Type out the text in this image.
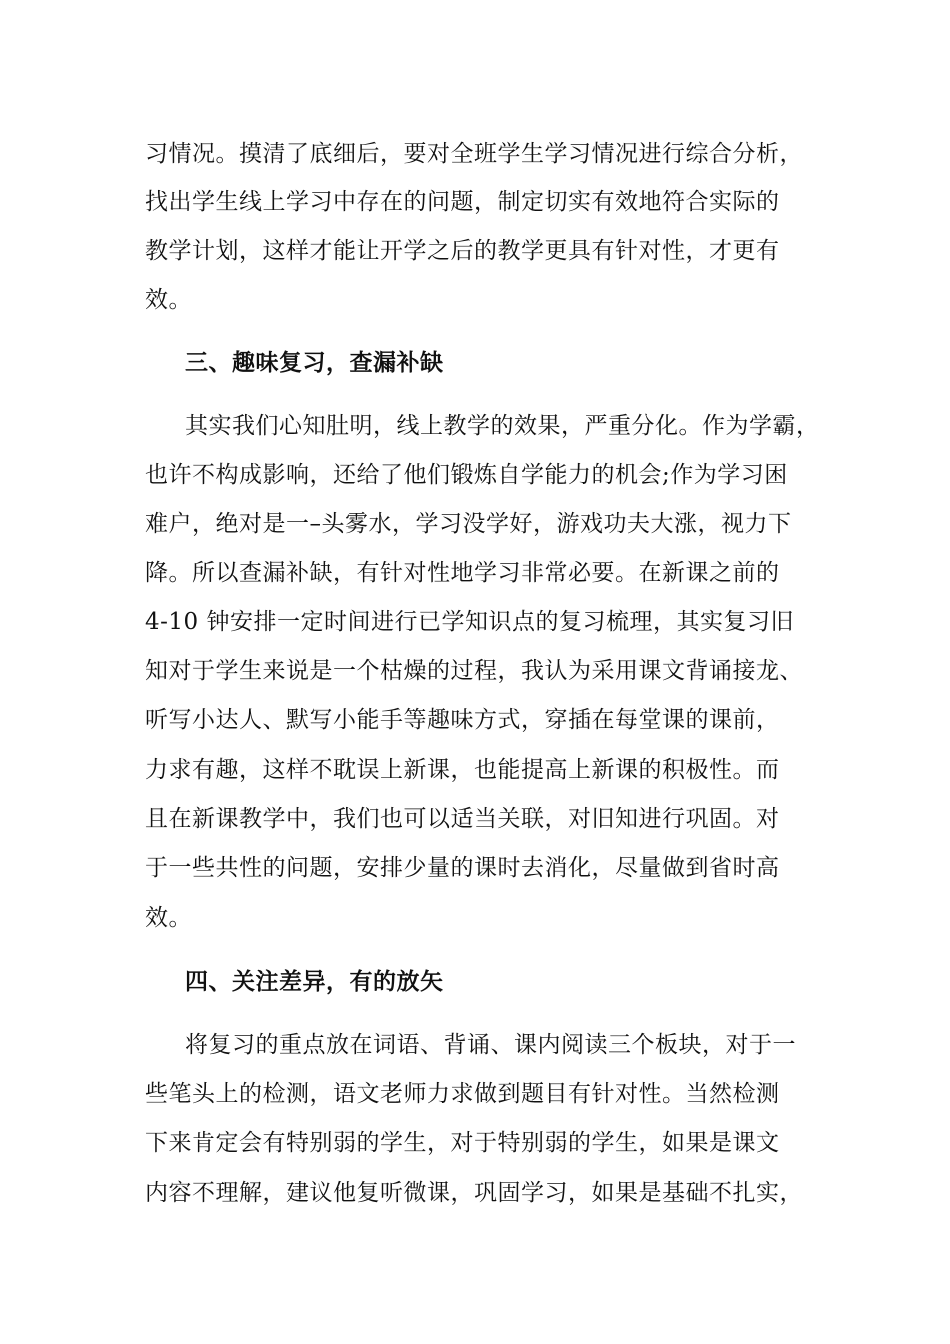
习情况。摸清了底细后，要对全班学生学习情况进行综合分析，
找出学生线上学习中存在的问题，制定切实有效地符合实际的
教学计划，这样才能让开学之后的教学更具有针对性，才更有
效。
三、趣味复习，查漏补缺
其实我们心知肚明，线上教学的效果，严重分化。作为学霸，
也许不构成影响，还给了他们锻炼自学能力的机会;作为学习困
难户，绝对是一–头雾水，学习没学好，游戏功夫大涨，视力下
降。所以查漏补缺，有针对性地学习非常必要。在新课之前的
4-10 钟安排一定时间进行已学知识点的复习梳理，其实复习旧
知对于学生来说是一个枯燥的过程，我认为采用课文背诵接龙、
听写小达人、默写小能手等趣味方式，穿插在每堂课的课前，
力求有趣，这样不耽误上新课，也能提高上新课的积极性。而
且在新课教学中，我们也可以适当关联，对旧知进行巩固。对
于一些共性的问题，安排少量的课时去消化，尽量做到省时高
效。
四、关注差异，有的放矢
将复习的重点放在词语、背诵、课内阅读三个板块，对于一
些笔头上的检测，语文老师力求做到题目有针对性。当然检测
下来肯定会有特别弱的学生，对于特别弱的学生，如果是课文
内容不理解，建议他复听微课，巩固学习，如果是基础不扎实，
